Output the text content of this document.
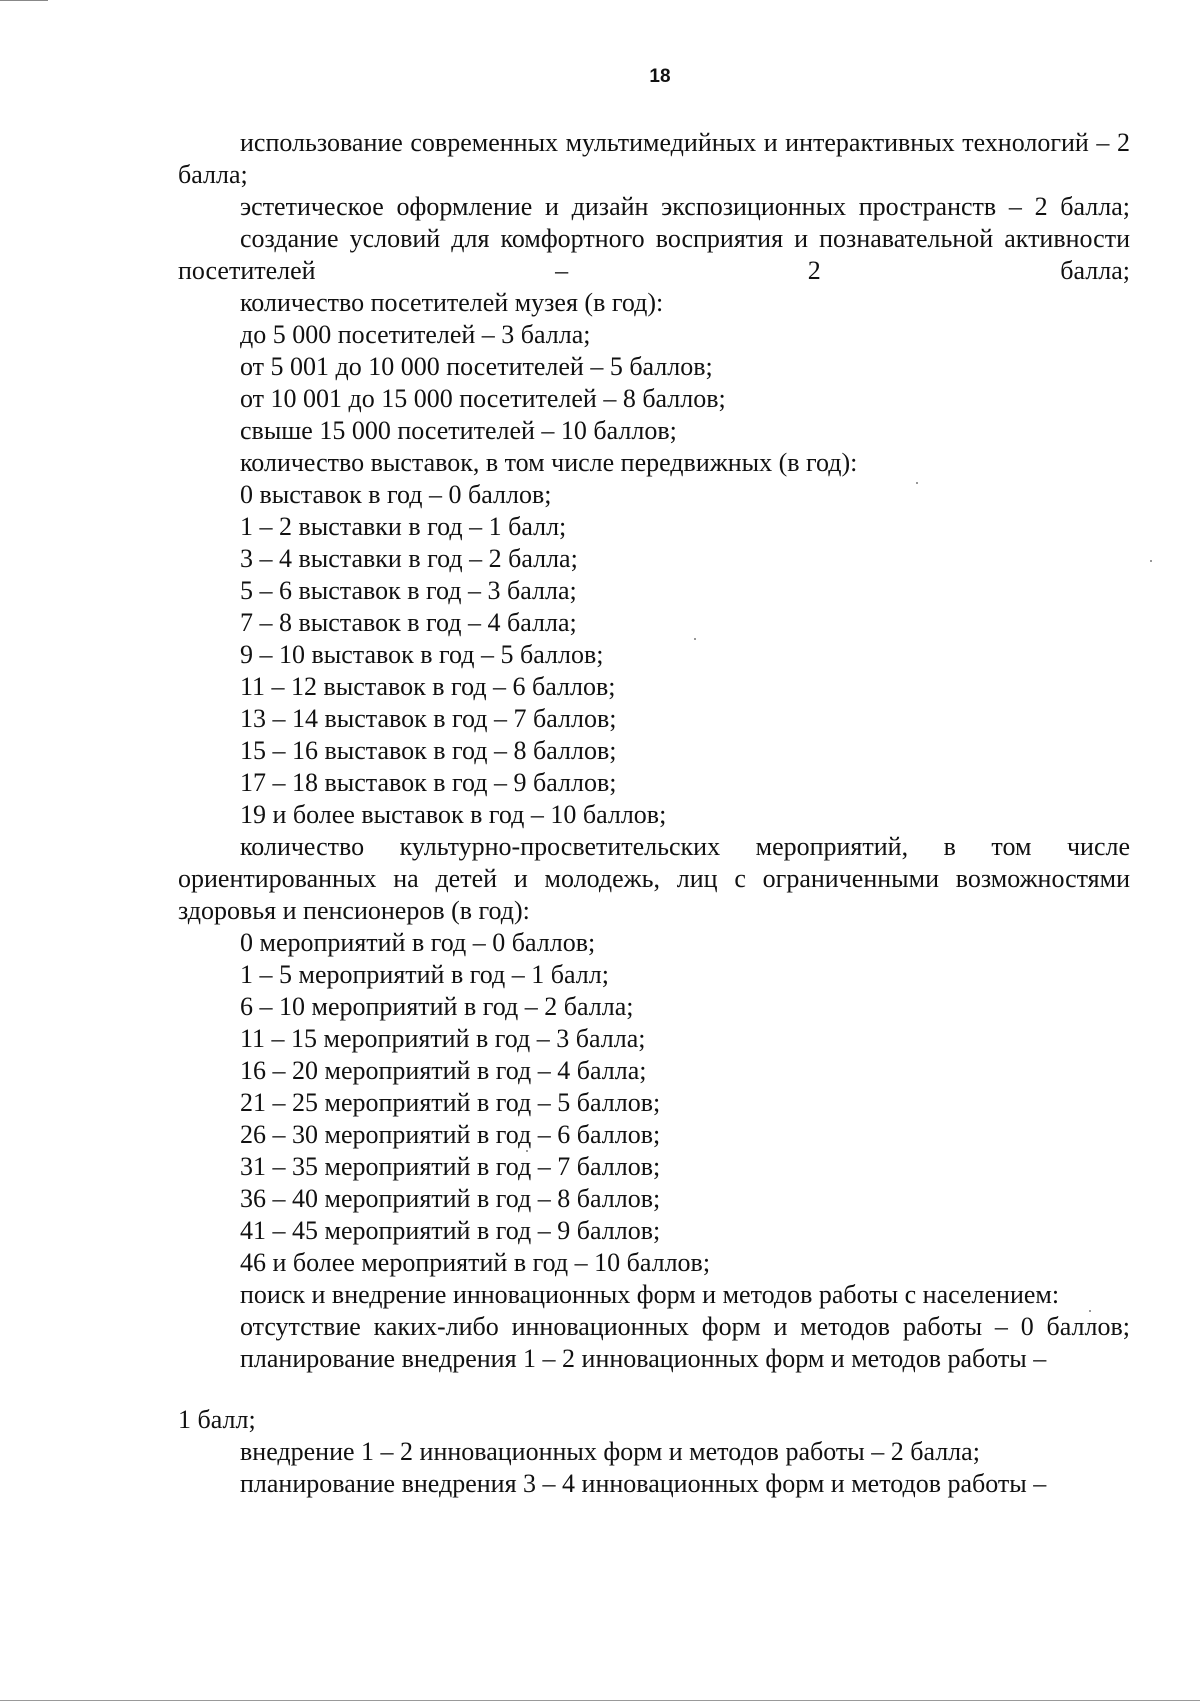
18

использование современных мультимедийных и интерактивных технологий – 2 балла;

эстетическое оформление и дизайн экспозиционных пространств – 2 балла;

создание условий для комфортного восприятия и познавательной активности посетителей – 2 балла;

количество посетителей музея (в год):

до 5 000 посетителей – 3 балла;

от 5 001 до 10 000 посетителей – 5 баллов;

от 10 001 до 15 000 посетителей – 8 баллов;

свыше 15 000 посетителей – 10 баллов;

количество выставок, в том числе передвижных (в год):

0 выставок в год – 0 баллов;

1 – 2 выставки в год – 1 балл;

3 – 4 выставки в год – 2 балла;

5 – 6 выставок в год – 3 балла;

7 – 8 выставок в год – 4 балла;

9 – 10 выставок в год – 5 баллов;

11 – 12 выставок в год – 6 баллов;

13 – 14 выставок в год – 7 баллов;

15 – 16 выставок в год – 8 баллов;

17 – 18 выставок в год – 9 баллов;

19 и более выставок в год – 10 баллов;

количество культурно-просветительских мероприятий, в том числе ориентированных на детей и молодежь, лиц с ограниченными возможностями здоровья и пенсионеров (в год):

0 мероприятий в год – 0 баллов;

1 – 5 мероприятий в год – 1 балл;

6 – 10 мероприятий в год – 2 балла;

11 – 15 мероприятий в год – 3 балла;

16 – 20 мероприятий в год – 4 балла;

21 – 25 мероприятий в год – 5 баллов;

26 – 30 мероприятий в год – 6 баллов;

31 – 35 мероприятий в год – 7 баллов;

36 – 40 мероприятий в год – 8 баллов;

41 – 45 мероприятий в год – 9 баллов;

46 и более мероприятий в год – 10 баллов;

поиск и внедрение инновационных форм и методов работы с населением:

отсутствие каких-либо инновационных форм и методов работы – 0 баллов;

планирование внедрения 1 – 2 инновационных форм и методов работы –

1 балл;

внедрение 1 – 2 инновационных форм и методов работы – 2 балла;

планирование внедрения 3 – 4 инновационных форм и методов работы –
